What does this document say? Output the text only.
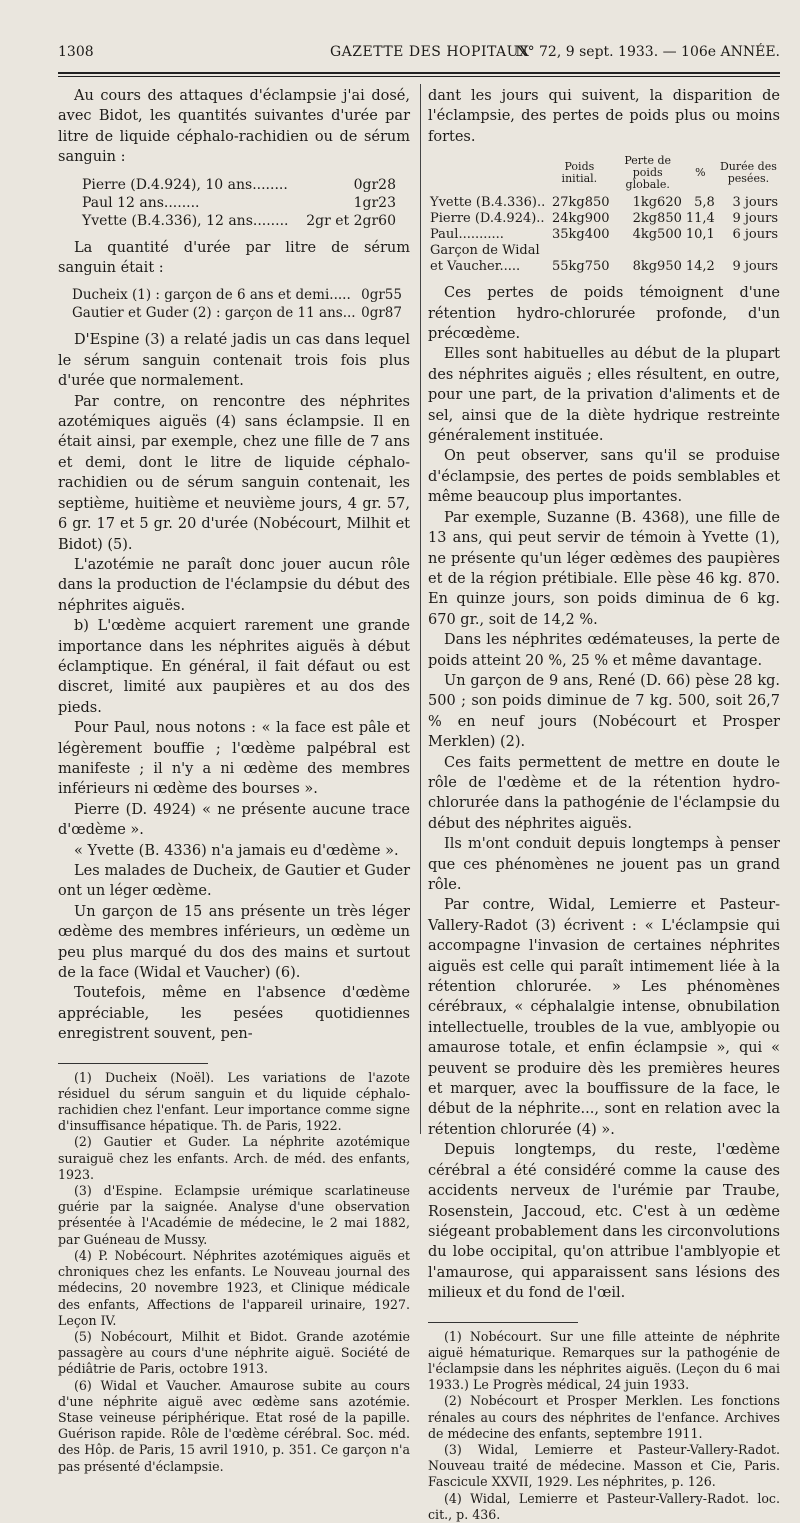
1308	GAZETTE DES HOPITAUX
N° 72, 9 sept. 1933. — 106e ANNÉE.

Au cours des attaques d'éclampsie j'ai dosé, avec Bidot, les quantités suivantes d'urée par litre de liquide céphalo-rachidien ou de sérum sanguin :

Pierre (D.4.924), 10 ans........	0gr28
Paul 12 ans........	1gr23
Yvette (B.4.336), 12 ans........ 2gr et 2gr60

La quantité d'urée par litre de sérum sanguin était :

Ducheix (1) : garçon de 6 ans et demi..... 0gr55
Gautier et Guder (2) : garçon de 11 ans... 0gr87

D'Espine (3) a relaté jadis un cas dans lequel le sérum sanguin contenait trois fois plus d'urée que normalement.

Par contre, on rencontre des néphrites azotémiques aiguës (4) sans éclampsie. Il en était ainsi, par exemple, chez une fille de 7 ans et demi, dont le litre de liquide céphalo-rachidien ou de sérum sanguin contenait, les septième, huitième et neuvième jours, 4 gr. 57, 6 gr. 17 et 5 gr. 20 d'urée (Nobécourt, Milhit et Bidot) (5).

L'azotémie ne paraît donc jouer aucun rôle dans la production de l'éclampsie du début des néphrites aiguës.

b) L'œdème acquiert rarement une grande importance dans les néphrites aiguës à début éclamptique. En général, il fait défaut ou est discret, limité aux paupières et au dos des pieds.

Pour Paul, nous notons : « la face est pâle et légèrement bouffie ; l'œdème palpébral est manifeste ; il n'y a ni œdème des membres inférieurs ni œdème des bourses ».

Pierre (D. 4924) « ne présente aucune trace d'œdème ».

« Yvette (B. 4336) n'a jamais eu d'œdème ».

Les malades de Ducheix, de Gautier et Guder ont un léger œdème.

Un garçon de 15 ans présente un très léger œdème des membres inférieurs, un œdème un peu plus marqué du dos des mains et surtout de la face (Widal et Vaucher) (6).

Toutefois, même en l'absence d'œdème appréciable, les pesées quotidiennes enregistrent souvent, pen-

(1) Ducheix (Noël). Les variations de l'azote résiduel du sérum sanguin et du liquide céphalo-rachidien chez l'enfant. Leur importance comme signe d'insuffisance hépatique. Th. de Paris, 1922.

(2) Gautier et Guder. La néphrite azotémique suraiguë chez les enfants. Arch. de méd. des enfants, 1923.

(3) d'Espine. Eclampsie urémique scarlatineuse guérie par la saignée. Analyse d'une observation présentée à l'Académie de médecine, le 2 mai 1882, par Guéneau de Mussy.

(4) P. Nobécourt. Néphrites azotémiques aiguës et chroniques chez les enfants. Le Nouveau journal des médecins, 20 novembre 1923, et Clinique médicale des enfants, Affections de l'appareil urinaire, 1927. Leçon IV.

(5) Nobécourt, Milhit et Bidot. Grande azotémie passagère au cours d'une néphrite aiguë. Société de pédiâtrie de Paris, octobre 1913.

(6) Widal et Vaucher. Amaurose subite au cours d'une néphrite aiguë avec œdème sans azotémie. Stase veineuse périphérique. Etat rosé de la papille. Guérison rapide. Rôle de l'œdème cérébral. Soc. méd. des Hôp. de Paris, 15 avril 1910, p. 351. Ce garçon n'a pas présenté d'éclampsie.

dant les jours qui suivent, la disparition de l'éclampsie, des pertes de poids plus ou moins fortes.

	Poids initial.	Perte de poids globale.	%	Durée des pesées.
Yvette (B.4.336)..	27kg850	1kg620	5,8	3 jours
Pierre (D.4.924)..	24kg900	2kg850	11,4	9 jours
Paul...........	35kg400	4kg500	10,1	6 jours
Garçon de Widal				
et Vaucher.....	55kg750	8kg950	14,2	9 jours

Ces pertes de poids témoignent d'une rétention hydro-chlorurée profonde, d'un précœdème.

Elles sont habituelles au début de la plupart des néphrites aiguës ; elles résultent, en outre, pour une part, de la privation d'aliments et de sel, ainsi que de la diète hydrique restreinte généralement instituée.

On peut observer, sans qu'il se produise d'éclampsie, des pertes de poids semblables et même beaucoup plus importantes.

Par exemple, Suzanne (B. 4368), une fille de 13 ans, qui peut servir de témoin à Yvette (1), ne présente qu'un léger œdèmes des paupières et de la région prétibiale. Elle pèse 46 kg. 870. En quinze jours, son poids diminua de 6 kg. 670 gr., soit de 14,2 %.

Dans les néphrites œdémateuses, la perte de poids atteint 20 %, 25 % et même davantage.

Un garçon de 9 ans, René (D. 66) pèse 28 kg. 500 ; son poids diminue de 7 kg. 500, soit 26,7 % en neuf jours (Nobécourt et Prosper Merklen) (2).

Ces faits permettent de mettre en doute le rôle de l'œdème et de la rétention hydro-chlorurée dans la pathogénie de l'éclampsie du début des néphrites aiguës.

Ils m'ont conduit depuis longtemps à penser que ces phénomènes ne jouent pas un grand rôle.

Par contre, Widal, Lemierre et Pasteur-Vallery-Radot (3) écrivent : « L'éclampsie qui accompagne l'invasion de certaines néphrites aiguës est celle qui paraît intimement liée à la rétention chlorurée. » Les phénomènes cérébraux, « céphalalgie intense, obnubilation intellectuelle, troubles de la vue, amblyopie ou amaurose totale, et enfin éclampsie », qui « peuvent se produire dès les premières heures et marquer, avec la bouffissure de la face, le début de la néphrite..., sont en relation avec la rétention chlorurée (4) ».

Depuis longtemps, du reste, l'œdème cérébral a été considéré comme la cause des accidents nerveux de l'urémie par Traube, Rosenstein, Jaccoud, etc. C'est à un œdème siégeant probablement dans les circonvolutions du lobe occipital, qu'on attribue l'amblyopie et l'amaurose, qui apparaissent sans lésions des milieux et du fond de l'œil.

(1) Nobécourt. Sur une fille atteinte de néphrite aiguë hématurique. Remarques sur la pathogénie de l'éclampsie dans les néphrites aiguës. (Leçon du 6 mai 1933.) Le Progrès médical, 24 juin 1933.

(2) Nobécourt et Prosper Merklen. Les fonctions rénales au cours des néphrites de l'enfance. Archives de médecine des enfants, septembre 1911.

(3) Widal, Lemierre et Pasteur-Vallery-Radot. Nouveau traité de médecine. Masson et Cie, Paris. Fascicule XXVII, 1929. Les néphrites, p. 126.

(4) Widal, Lemierre et Pasteur-Vallery-Radot. loc. cit., p. 436.
